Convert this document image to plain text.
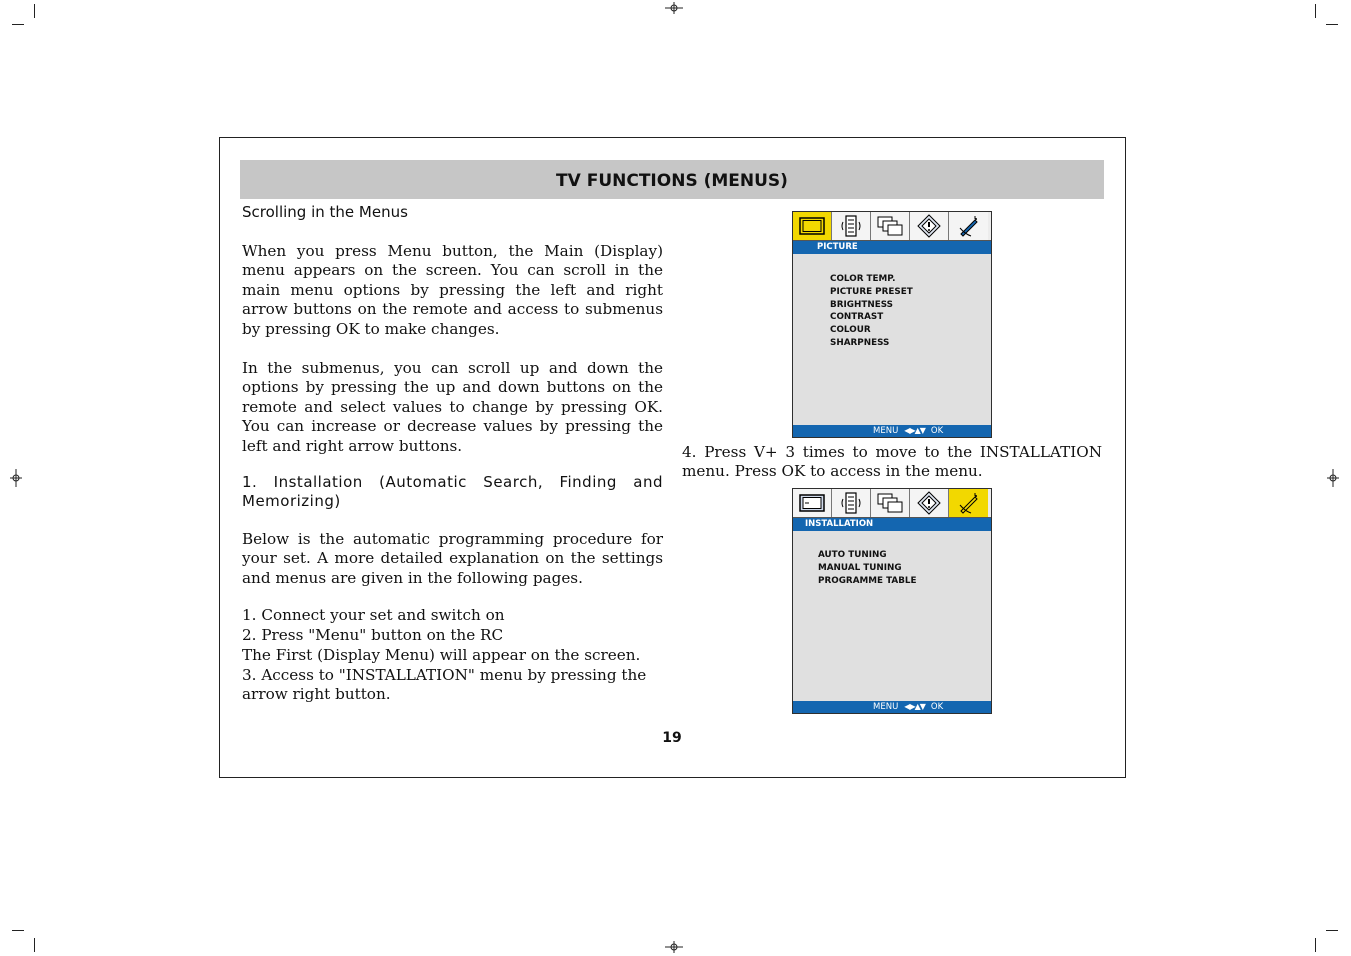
TV FUNCTIONS (MENUS)
Scrolling in the Menus

When you press Menu button, the Main (Display) menu appears on the screen. You can scroll in the main menu options by pressing the left and right arrow buttons on the remote and access to submenus by pressing OK to make changes.

In the submenus, you can scroll up and down the options by pressing the up and down buttons on the remote and select values to change by pressing OK. You can increase or decrease values by pressing the left and right arrow buttons.

1. Installation (Automatic Search, Finding and Memorizing)

Below is the automatic programming procedure for your set. A more detailed explanation on the settings and menus are given in the following pages.

1. Connect your set and switch on
2. Press "Menu" button on the RC
The First (Display Menu) will appear on the screen.
3. Access to "INSTALLATION" menu by pressing the
arrow right button.
PICTURE
COLOR TEMP.
PICTURE PRESET
BRIGHTNESS
CONTRAST
COLOUR
SHARPNESS
MENU ◀▶▲▼ OK

4. Press V+ 3 times to move to the INSTALLATION menu. Press OK to access in the menu.

INSTALLATION
AUTO TUNING
MANUAL TUNING
PROGRAMME TABLE
MENU ◀▶▲▼ OK
19
